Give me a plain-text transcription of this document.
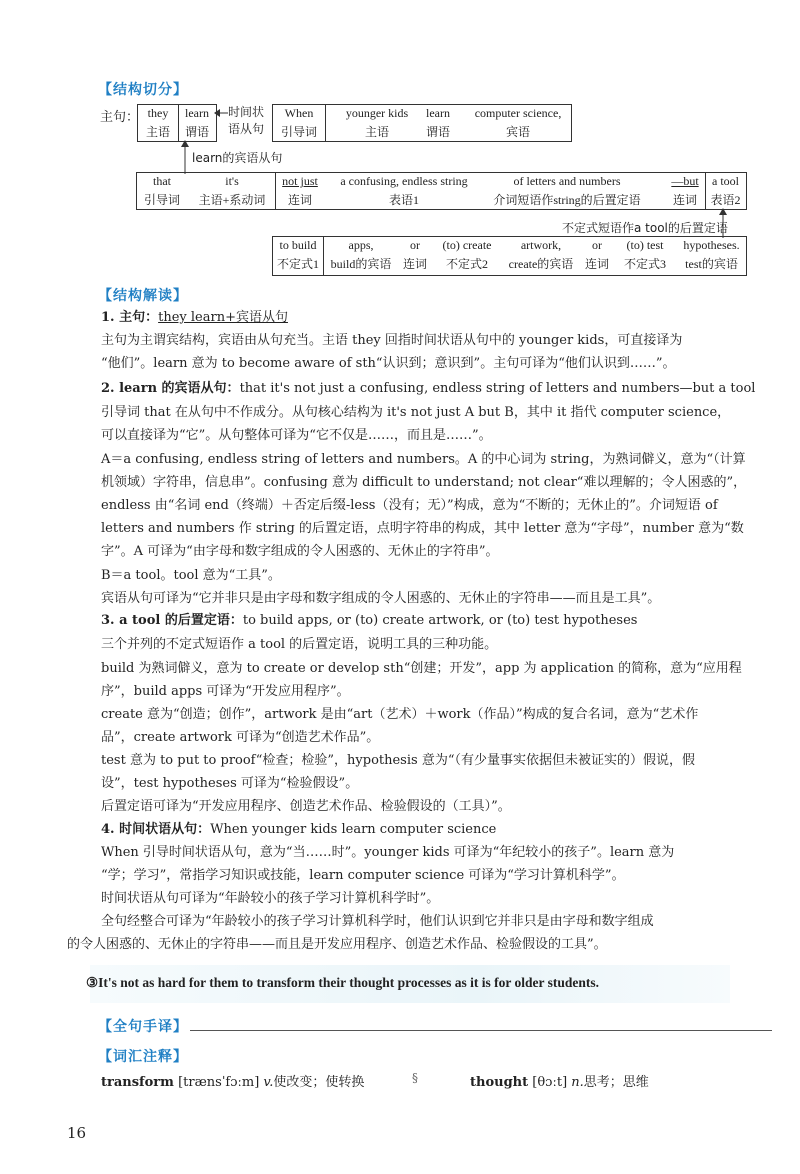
【结构切分】
主句： they
主语
learn
谓语
时间状
语从句
When
引导词
younger kids
主语
learn
谓语
computer science,
宾语
learn的宾语从句
that
引导词
it's
主语+系动词
not just
连词
a confusing, endless string
表语1
of letters and numbers
介词短语作string的后置定语
—but
连词
a tool
表语2
不定式短语作a tool的后置定语
to build
不定式1
apps,
build的宾语
or
连词
(to) create
不定式2
artwork,
create的宾语
or
连词
(to) test
不定式3
hypotheses.
test的宾语
【结构解读】
1. 主句：they learn+宾语从句
主句为主谓宾结构，宾语由从句充当。主语 they 回指时间状语从句中的 younger kids，可直接译为
“他们”。learn 意为 to become aware of sth“认识到；意识到”。主句可译为“他们认识到……”。
2. learn 的宾语从句：that it's not just a confusing, endless string of letters and numbers—but a tool
引导词 that 在从句中不作成分。从句核心结构为 it's not just A but B，其中 it 指代 computer science，
可以直接译为“它”。从句整体可译为“它不仅是……，而且是……”。
A＝a confusing, endless string of letters and numbers。A 的中心词为 string，为熟词僻义，意为“（计算
机领域）字符串，信息串”。confusing 意为 difficult to understand; not clear“难以理解的；令人困惑的”，
endless 由“名词 end（终端）＋否定后缀-less（没有；无）”构成，意为“不断的；无休止的”。介词短语 of
letters and numbers 作 string 的后置定语，点明字符串的构成，其中 letter 意为“字母”，number 意为“数
字”。A 可译为“由字母和数字组成的令人困惑的、无休止的字符串”。
B＝a tool。tool 意为“工具”。
宾语从句可译为“它并非只是由字母和数字组成的令人困惑的、无休止的字符串——而且是工具”。
3. a tool 的后置定语：to build apps, or (to) create artwork, or (to) test hypotheses
三个并列的不定式短语作 a tool 的后置定语，说明工具的三种功能。
build 为熟词僻义，意为 to create or develop sth“创建；开发”，app 为 application 的简称，意为“应用程
序”，build apps 可译为“开发应用程序”。
create 意为“创造；创作”，artwork 是由“art（艺术）＋work（作品）”构成的复合名词，意为“艺术作
品”，create artwork 可译为“创造艺术作品”。
test 意为 to put to proof“检查；检验”，hypothesis 意为“（有少量事实依据但未被证实的）假说，假
设”，test hypotheses 可译为“检验假设”。
后置定语可译为“开发应用程序、创造艺术作品、检验假设的（工具）”。
4. 时间状语从句：When younger kids learn computer science
When 引导时间状语从句，意为“当……时”。younger kids 可译为“年纪较小的孩子”。learn 意为
“学；学习”，常指学习知识或技能，learn computer science 可译为“学习计算机科学”。
时间状语从句可译为“年龄较小的孩子学习计算机科学时”。
全句经整合可译为“年龄较小的孩子学习计算机科学时，他们认识到它并非只是由字母和数字组成
的令人困惑的、无休止的字符串——而且是开发应用程序、创造艺术作品、检验假设的工具”。
③It's not as hard for them to transform their thought processes as it is for older students.
【全句手译】
【词汇注释】
transform [trænsˈfɔːm] v.使改变；使转换	§	thought [θɔːt] n.思考；思维
16
